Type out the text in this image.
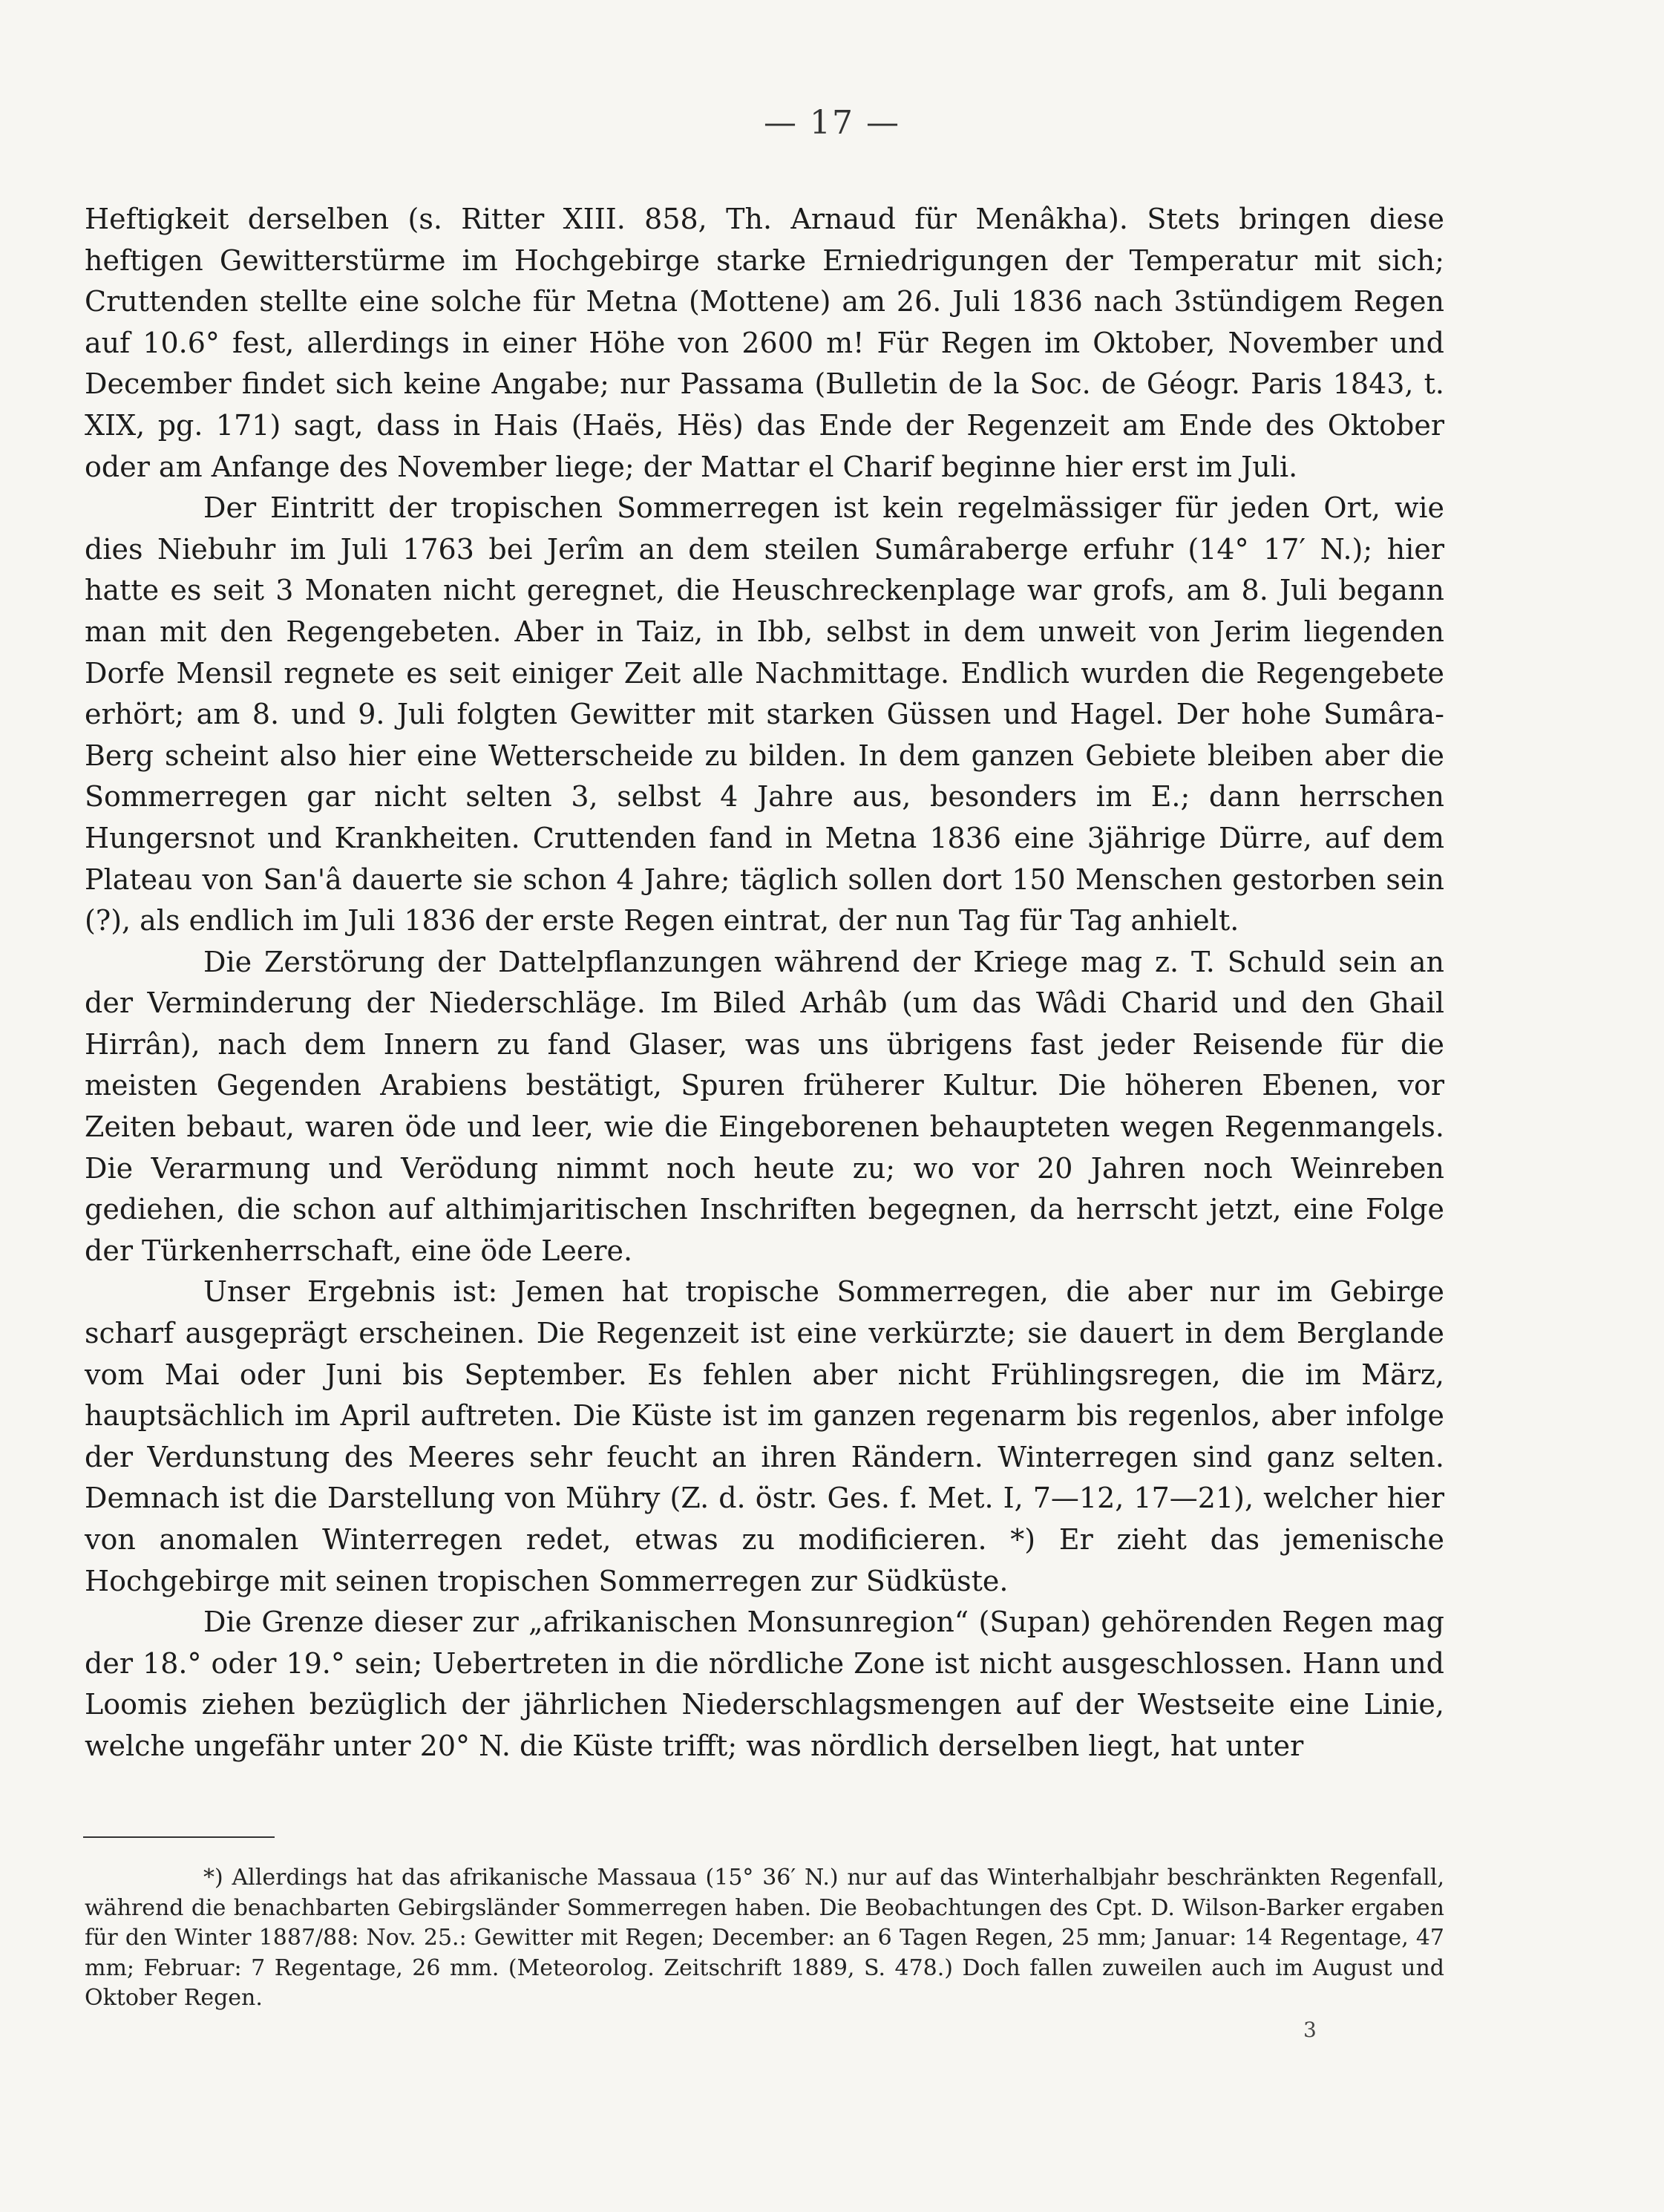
— 17 —

Heftigkeit derselben (s. Ritter XIII. 858, Th. Arnaud für Menâkha). Stets bringen diese heftigen Gewitterstürme im Hochgebirge starke Erniedrigungen der Temperatur mit sich; Cruttenden stellte eine solche für Metna (Mottene) am 26. Juli 1836 nach 3stündigem Regen auf 10.6° fest, allerdings in einer Höhe von 2600 m! Für Regen im Oktober, November und December findet sich keine Angabe; nur Passama (Bulletin de la Soc. de Géogr. Paris 1843, t. XIX, pg. 171) sagt, dass in Hais (Haës, Hës) das Ende der Regenzeit am Ende des Oktober oder am Anfange des November liege; der Mattar el Charif beginne hier erst im Juli.

Der Eintritt der tropischen Sommerregen ist kein regelmässiger für jeden Ort, wie dies Niebuhr im Juli 1763 bei Jerîm an dem steilen Sumâraberge erfuhr (14° 17′ N.); hier hatte es seit 3 Monaten nicht geregnet, die Heuschreckenplage war grofs, am 8. Juli begann man mit den Regengebeten. Aber in Taiz, in Ibb, selbst in dem unweit von Jerim liegenden Dorfe Mensil regnete es seit einiger Zeit alle Nachmittage. Endlich wurden die Regengebete erhört; am 8. und 9. Juli folgten Gewitter mit starken Güssen und Hagel. Der hohe Sumâra-Berg scheint also hier eine Wetterscheide zu bilden. In dem ganzen Gebiete bleiben aber die Sommerregen gar nicht selten 3, selbst 4 Jahre aus, besonders im E.; dann herrschen Hungersnot und Krankheiten. Cruttenden fand in Metna 1836 eine 3jährige Dürre, auf dem Plateau von San'â dauerte sie schon 4 Jahre; täglich sollen dort 150 Menschen gestorben sein (?), als endlich im Juli 1836 der erste Regen eintrat, der nun Tag für Tag anhielt.

Die Zerstörung der Dattelpflanzungen während der Kriege mag z. T. Schuld sein an der Verminderung der Niederschläge. Im Biled Arhâb (um das Wâdi Charid und den Ghail Hirrân), nach dem Innern zu fand Glaser, was uns übrigens fast jeder Reisende für die meisten Gegenden Arabiens bestätigt, Spuren früherer Kultur. Die höheren Ebenen, vor Zeiten bebaut, waren öde und leer, wie die Eingeborenen behaupteten wegen Regenmangels. Die Verarmung und Verödung nimmt noch heute zu; wo vor 20 Jahren noch Weinreben gediehen, die schon auf althimjaritischen Inschriften begegnen, da herrscht jetzt, eine Folge der Türkenherrschaft, eine öde Leere.

Unser Ergebnis ist: Jemen hat tropische Sommerregen, die aber nur im Gebirge scharf ausgeprägt erscheinen. Die Regenzeit ist eine verkürzte; sie dauert in dem Berglande vom Mai oder Juni bis September. Es fehlen aber nicht Frühlingsregen, die im März, hauptsächlich im April auftreten. Die Küste ist im ganzen regenarm bis regenlos, aber infolge der Verdunstung des Meeres sehr feucht an ihren Rändern. Winterregen sind ganz selten. Demnach ist die Darstellung von Mühry (Z. d. östr. Ges. f. Met. I, 7—12, 17—21), welcher hier von anomalen Winterregen redet, etwas zu modificieren. *) Er zieht das jemenische Hochgebirge mit seinen tropischen Sommerregen zur Südküste.

Die Grenze dieser zur „afrikanischen Monsunregion“ (Supan) gehörenden Regen mag der 18.° oder 19.° sein; Uebertreten in die nördliche Zone ist nicht ausgeschlossen. Hann und Loomis ziehen bezüglich der jährlichen Niederschlagsmengen auf der Westseite eine Linie, welche ungefähr unter 20° N. die Küste trifft; was nördlich derselben liegt, hat unter

*) Allerdings hat das afrikanische Massaua (15° 36′ N.) nur auf das Winterhalbjahr beschränkten Regenfall, während die benachbarten Gebirgsländer Sommerregen haben. Die Beobachtungen des Cpt. D. Wilson-Barker ergaben für den Winter 1887/88: Nov. 25.: Gewitter mit Regen; December: an 6 Tagen Regen, 25 mm; Januar: 14 Regentage, 47 mm; Februar: 7 Regentage, 26 mm. (Meteorolog. Zeitschrift 1889, S. 478.) Doch fallen zuweilen auch im August und Oktober Regen.
3
